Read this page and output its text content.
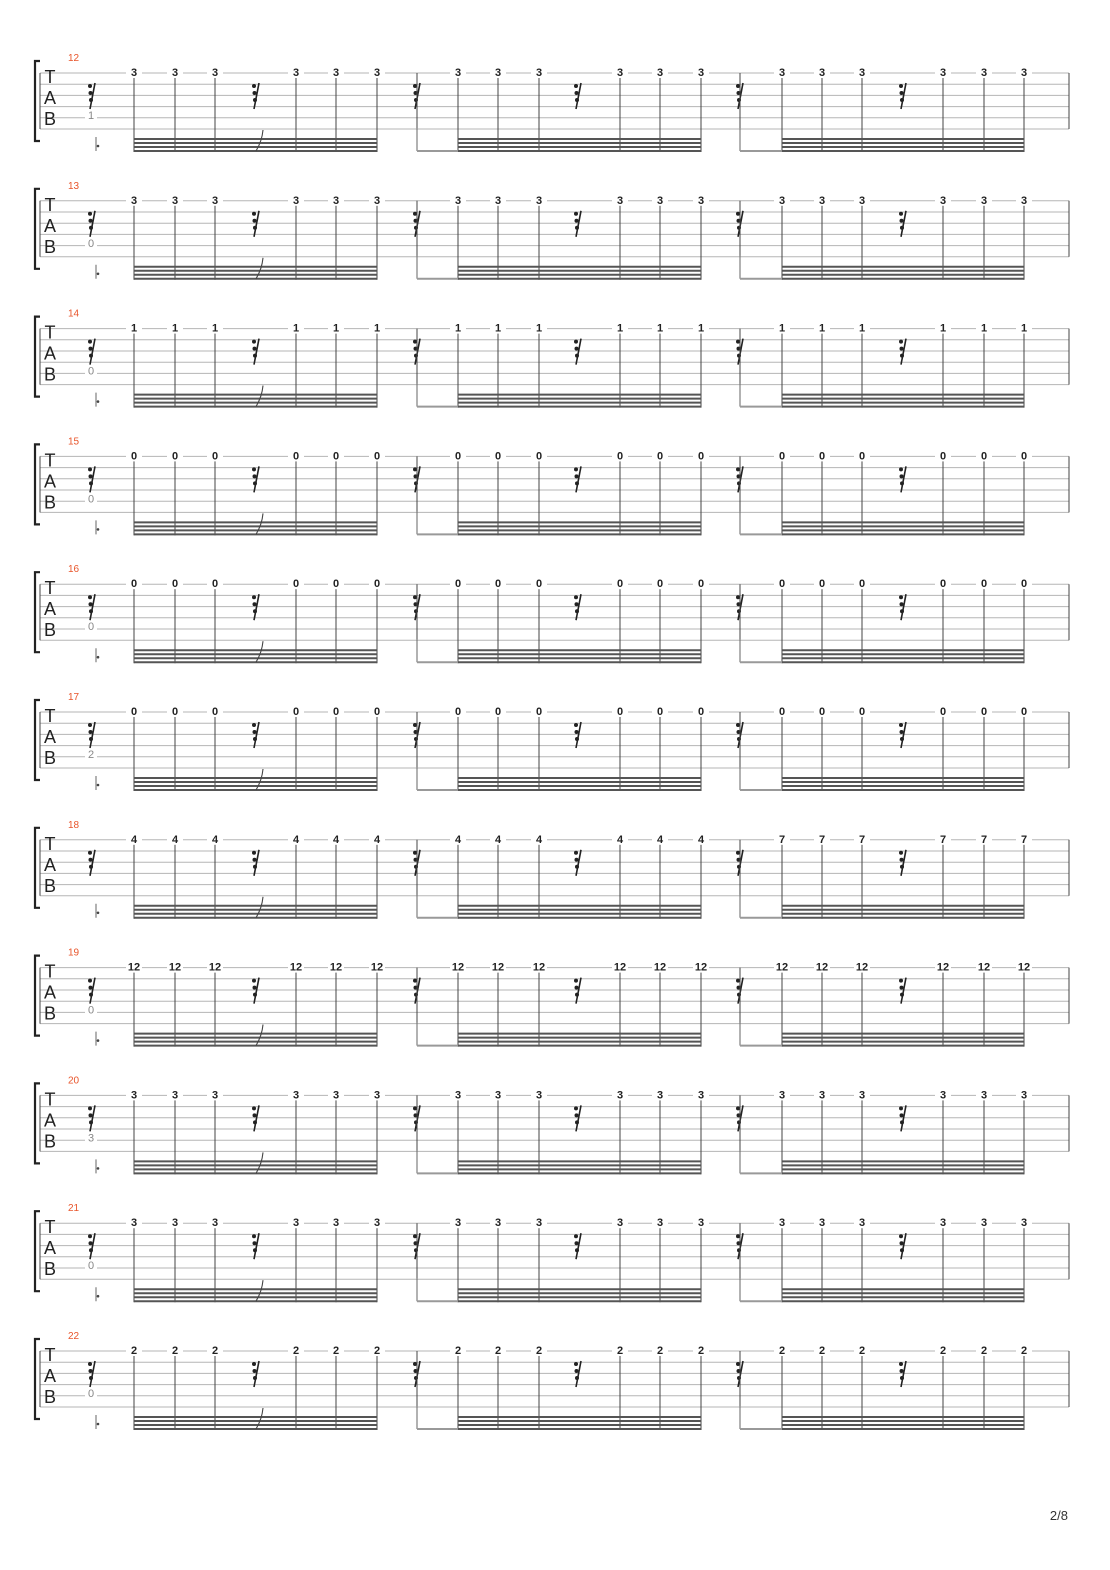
T
A
B
12
1
3	3	3	3	3	3	3	3	3	3	3	3	3	3	3	3	3	3
T
A
B
13
0
3	3	3	3	3	3	3	3	3	3	3	3	3	3	3	3	3	3
T
A
B
14
0
1	1	1	1	1	1	1	1	1	1	1	1	1	1	1	1	1	1
T
A
B
15
0
0	0	0	0	0	0	0	0	0	0	0	0	0	0	0	0	0	0
T
A
B
16
0
0	0	0	0	0	0	0	0	0	0	0	0	0	0	0	0	0	0
T
A
B
17
2
0	0	0	0	0	0	0	0	0	0	0	0	0	0	0	0	0	0
T
A
B
18
4	4	4	4	4	4	4	4	4	4	4	4	7	7	7	7	7	7
T
A
B
19
0
12	12	12	12	12	12	12	12	12	12	12	12	12	12	12	12	12	12
T
A
B
20
3
3	3	3	3	3	3	3	3	3	3	3	3	3	3	3	3	3	3
T
A
B
21
0
3	3	3	3	3	3	3	3	3	3	3	3	3	3	3	3	3	3
T
A
B
22
0
2	2	2	2	2	2	2	2	2	2	2	2	2	2	2	2	2	2
2/8
